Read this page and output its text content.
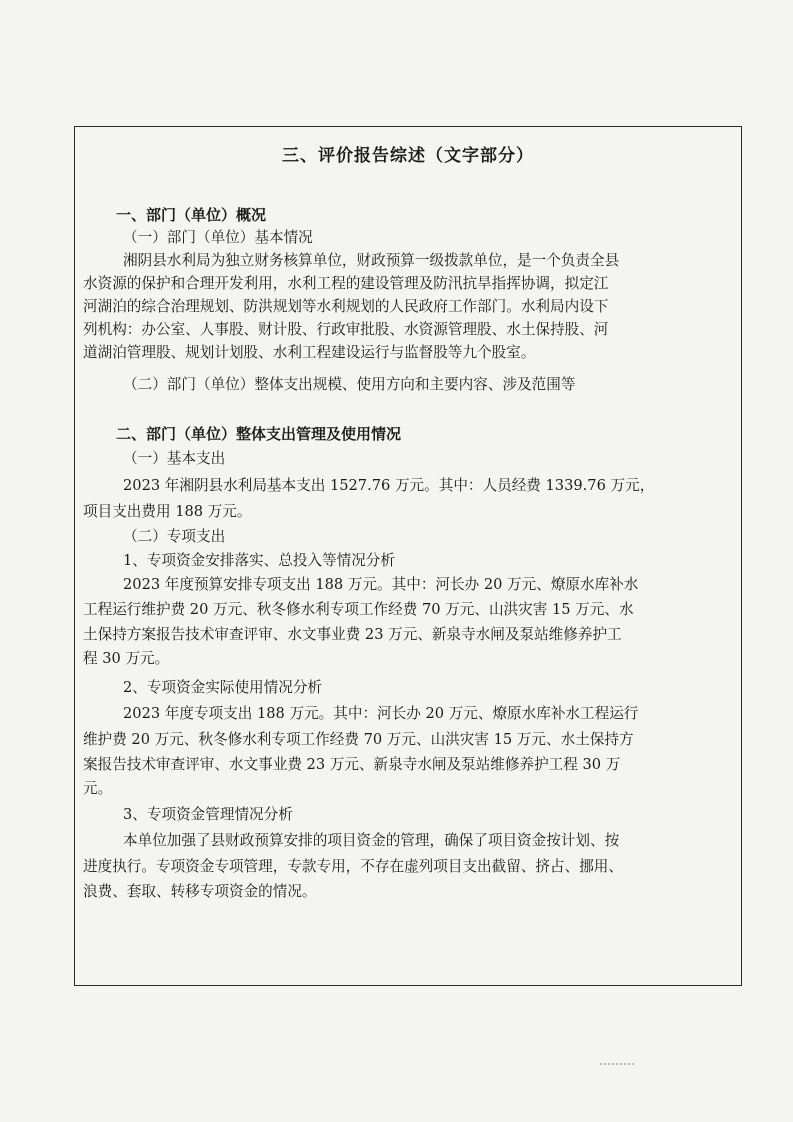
三、评价报告综述（文字部分）
一、部门（单位）概况
（一）部门（单位）基本情况
湘阴县水利局为独立财务核算单位，财政预算一级拨款单位，是一个负责全县
水资源的保护和合理开发利用，水利工程的建设管理及防汛抗旱指挥协调，拟定江
河湖泊的综合治理规划、防洪规划等水利规划的人民政府工作部门。水利局内设下
列机构：办公室、人事股、财计股、行政审批股、水资源管理股、水土保持股、河
道湖泊管理股、规划计划股、水利工程建设运行与监督股等九个股室。
（二）部门（单位）整体支出规模、使用方向和主要内容、涉及范围等
二、部门（单位）整体支出管理及使用情况
（一）基本支出
2023 年湘阴县水利局基本支出 1527.76 万元。其中：人员经费 1339.76 万元，
项目支出费用 188 万元。
（二）专项支出
1、专项资金安排落实、总投入等情况分析
2023 年度预算安排专项支出 188 万元。其中：河长办 20 万元、燎原水库补水
工程运行维护费 20 万元、秋冬修水利专项工作经费 70 万元、山洪灾害 15 万元、水
土保持方案报告技术审查评审、水文事业费 23 万元、新泉寺水闸及泵站维修养护工
程 30 万元。
2、专项资金实际使用情况分析
2023 年度专项支出 188 万元。其中：河长办 20 万元、燎原水库补水工程运行
维护费 20 万元、秋冬修水利专项工作经费 70 万元、山洪灾害 15 万元、水土保持方
案报告技术审查评审、水文事业费 23 万元、新泉寺水闸及泵站维修养护工程 30 万
元。
3、专项资金管理情况分析
本单位加强了县财政预算安排的项目资金的管理，确保了项目资金按计划、按
进度执行。专项资金专项管理，专款专用，不存在虚列项目支出截留、挤占、挪用、
浪费、套取、转移专项资金的情况。
